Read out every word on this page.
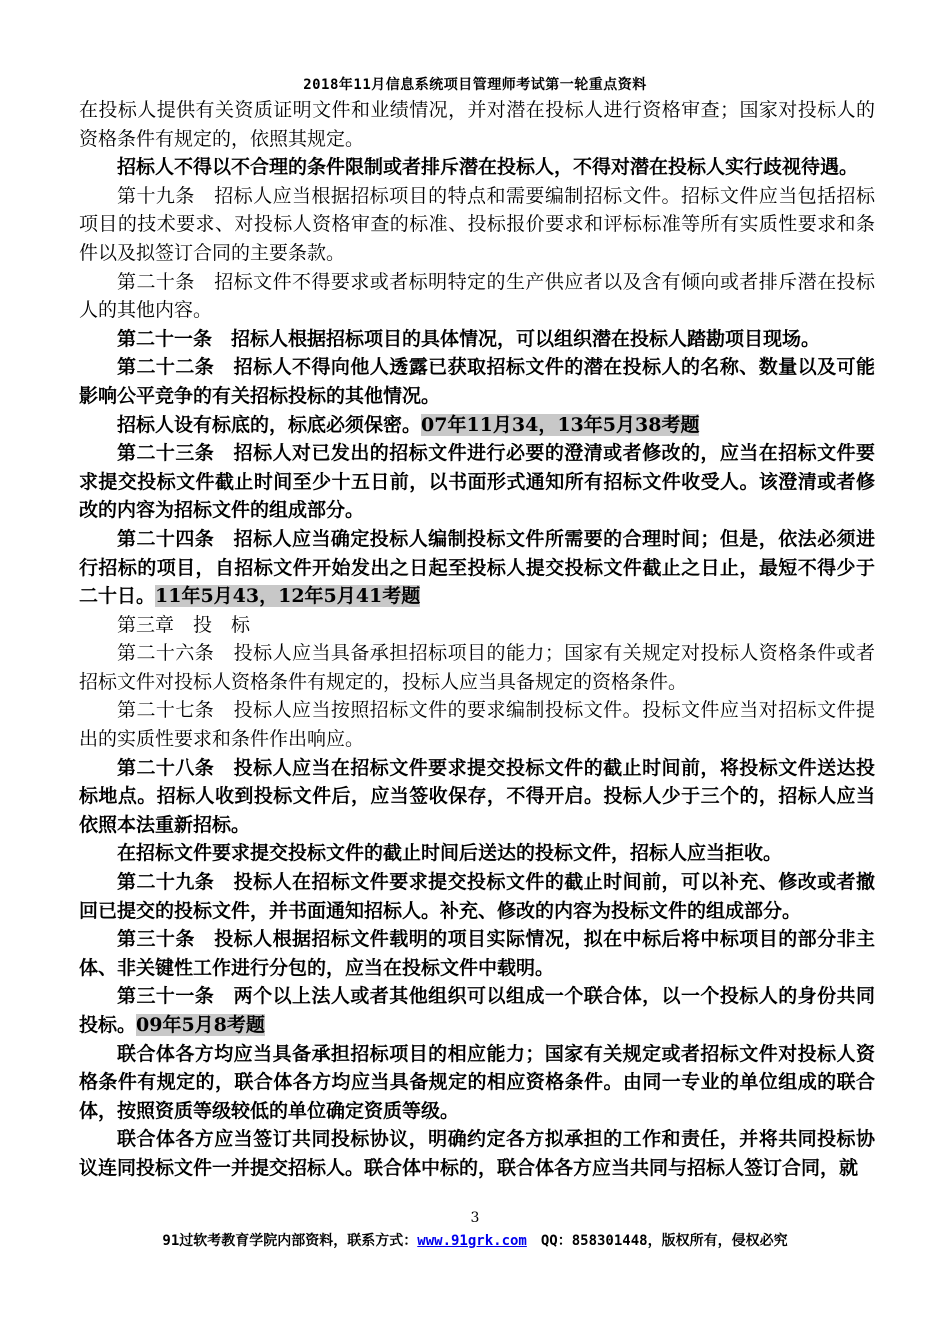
2018年11月信息系统项目管理师考试第一轮重点资料

在投标人提供有关资质证明文件和业绩情况，并对潜在投标人进行资格审查；国家对投标人的资格条件有规定的，依照其规定。

招标人不得以不合理的条件限制或者排斥潜在投标人，不得对潜在投标人实行歧视待遇。

第十九条　招标人应当根据招标项目的特点和需要编制招标文件。招标文件应当包括招标项目的技术要求、对投标人资格审查的标准、投标报价要求和评标标准等所有实质性要求和条件以及拟签订合同的主要条款。

第二十条　招标文件不得要求或者标明特定的生产供应者以及含有倾向或者排斥潜在投标人的其他内容。

第二十一条　招标人根据招标项目的具体情况，可以组织潜在投标人踏勘项目现场。

第二十二条　招标人不得向他人透露已获取招标文件的潜在投标人的名称、数量以及可能影响公平竞争的有关招标投标的其他情况。

招标人设有标底的，标底必须保密。07年11月34，13年5月38考题

第二十三条　招标人对已发出的招标文件进行必要的澄清或者修改的，应当在招标文件要求提交投标文件截止时间至少十五日前，以书面形式通知所有招标文件收受人。该澄清或者修改的内容为招标文件的组成部分。

第二十四条　招标人应当确定投标人编制投标文件所需要的合理时间；但是，依法必须进行招标的项目，自招标文件开始发出之日起至投标人提交投标文件截止之日止，最短不得少于二十日。11年5月43，12年5月41考题

第三章　投　标

第二十六条　投标人应当具备承担招标项目的能力；国家有关规定对投标人资格条件或者招标文件对投标人资格条件有规定的，投标人应当具备规定的资格条件。

第二十七条　投标人应当按照招标文件的要求编制投标文件。投标文件应当对招标文件提出的实质性要求和条件作出响应。

第二十八条　投标人应当在招标文件要求提交投标文件的截止时间前，将投标文件送达投标地点。招标人收到投标文件后，应当签收保存，不得开启。投标人少于三个的，招标人应当依照本法重新招标。

在招标文件要求提交投标文件的截止时间后送达的投标文件，招标人应当拒收。

第二十九条　投标人在招标文件要求提交投标文件的截止时间前，可以补充、修改或者撤回已提交的投标文件，并书面通知招标人。补充、修改的内容为投标文件的组成部分。

第三十条　投标人根据招标文件载明的项目实际情况，拟在中标后将中标项目的部分非主体、非关键性工作进行分包的，应当在投标文件中载明。

第三十一条　两个以上法人或者其他组织可以组成一个联合体，以一个投标人的身份共同投标。09年5月8考题

联合体各方均应当具备承担招标项目的相应能力；国家有关规定或者招标文件对投标人资格条件有规定的，联合体各方均应当具备规定的相应资格条件。由同一专业的单位组成的联合体，按照资质等级较低的单位确定资质等级。

联合体各方应当签订共同投标协议，明确约定各方拟承担的工作和责任，并将共同投标协议连同投标文件一并提交招标人。联合体中标的，联合体各方应当共同与招标人签订合同，就

3
91过软考教育学院内部资料，联系方式：www.91grk.com　QQ：858301448，版权所有，侵权必究
